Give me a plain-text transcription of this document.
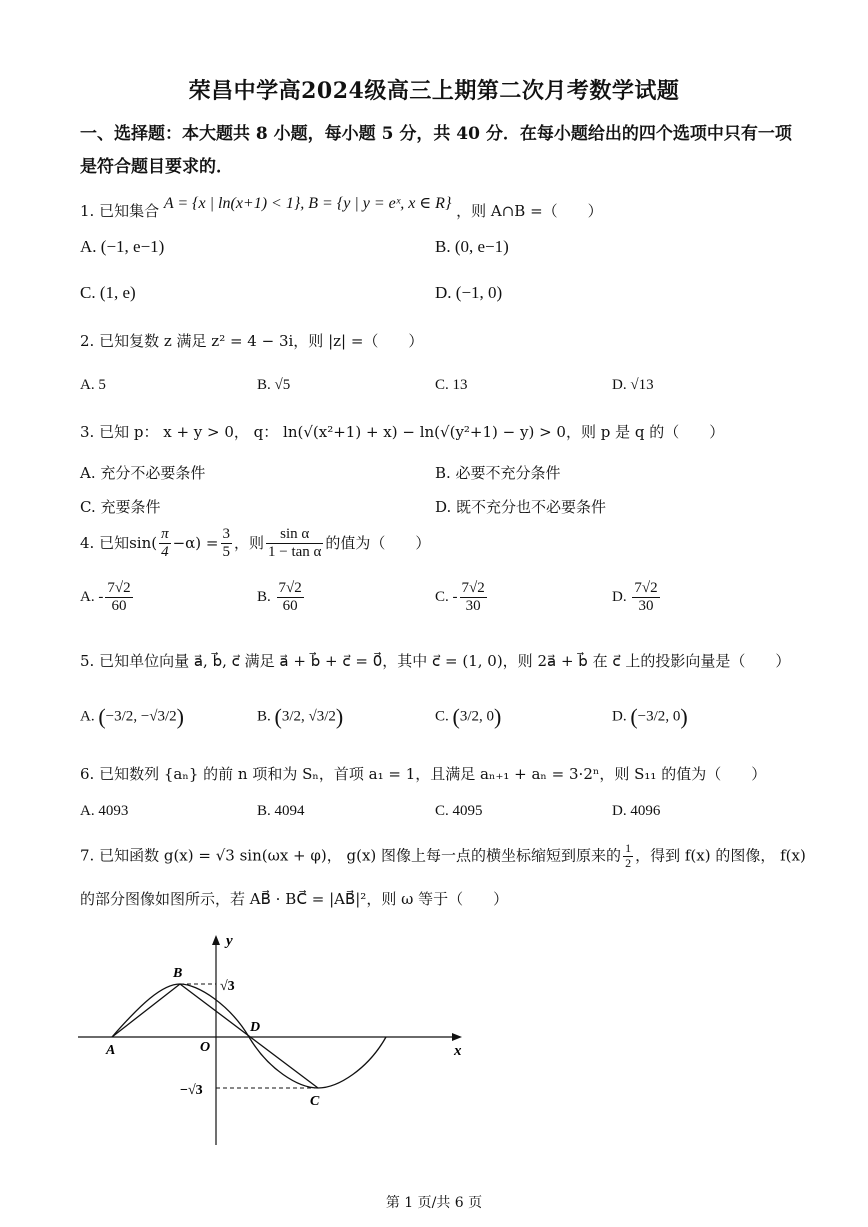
荣昌中学高2024级高三上期第二次月考数学试题
一、选择题：本大题共 8 小题，每小题 5 分，共 40 分．在每小题给出的四个选项中只有一项
是符合题目要求的．
1. 已知集合 A = {x | ln(x+1) < 1}, B = {y | y = eˣ, x ∈ R} ，则 A∩B =（　　）
A. (−1, e−1)	B. (0, e−1)
C. (1, e)	D. (−1, 0)
2. 已知复数 z 满足 z² = 4 − 3i，则 |z| =（　　）
A. 5	B. √5	C. 13	D. √13
3. 已知 p： x + y > 0， q： ln(√(x²+1) + x) − ln(√(y²+1) − y) > 0，则 p 是 q 的（　　）
A. 充分不必要条件	B. 必要不充分条件
C. 充要条件	D. 既不充分也不必要条件
4. 已知$\sin( \frac{\pi}{4} -\alpha) = \frac{3}{5}$ ，则 $\frac{\text{sin α}}{\text{1 − tan α}}$ 的值为（　　）
A. - $\frac{7√2}{60}$	B. $\frac{7√2}{60}$	C. - $\frac{7√2}{30}$	D. $\frac{7√2}{30}$
5. 已知单位向量 a⃗, b⃗, c⃗ 满足 a⃗ + b⃗ + c⃗ = 0⃗，其中 c⃗ = (1, 0)，则 2a⃗ + b⃗ 在 c⃗ 上的投影向量是（　　）
A. (−3/2, −√3/2)	B. (3/2, √3/2)	C. (3/2, 0)	D. (−3/2, 0)
6. 已知数列 {aₙ} 的前 n 项和为 Sₙ，首项 a₁ = 1，且满足 aₙ₊₁ + aₙ = 3·2ⁿ，则 S₁₁ 的值为（　　）
A. 4093	B. 4094	C. 4095	D. 4096
7. 已知函数 g(x) = √3 sin(ωx + φ)， g(x) 图像上每一点的横坐标缩短到原来的 $\frac{1}{2}$ ，得到 f(x) 的图像， f(x)
的部分图像如图所示，若 AB⃗ · BC⃗ = |AB⃗|²，则 ω 等于（　　）
y
x
O
A
B
C
D
√3
−√3
第 1 页/共 6 页
